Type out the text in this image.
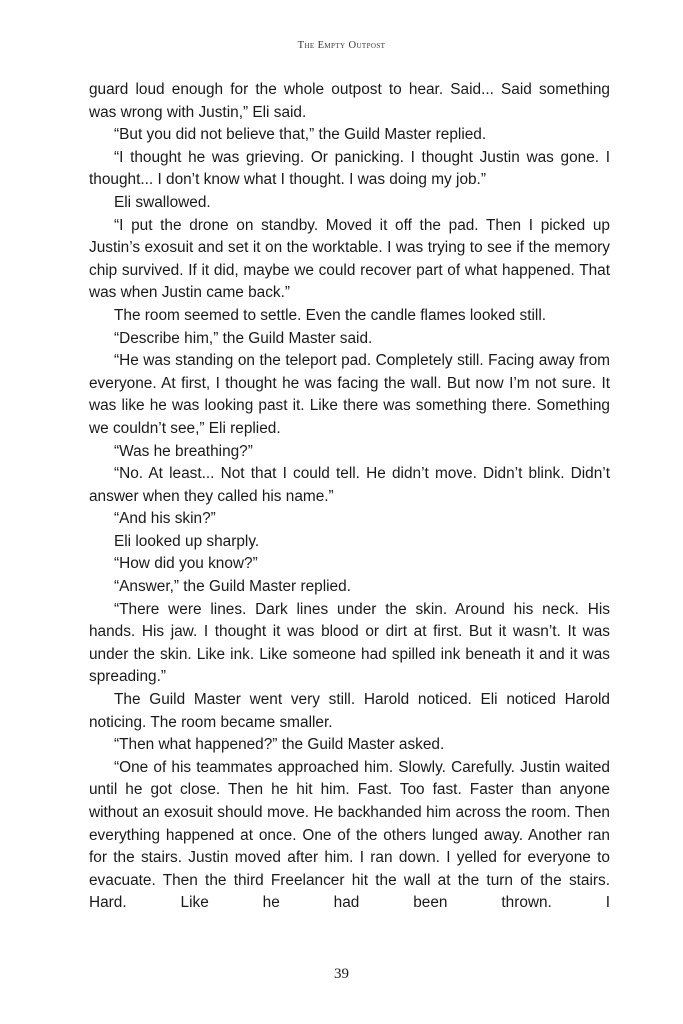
The Empty Outpost

guard loud enough for the whole outpost to hear. Said... Said something was wrong with Justin,” Eli said.

“But you did not believe that,” the Guild Master replied.

“I thought he was grieving. Or panicking. I thought Justin was gone. I thought... I don’t know what I thought. I was doing my job.”

Eli swallowed.

“I put the drone on standby. Moved it off the pad. Then I picked up Justin’s exosuit and set it on the worktable. I was trying to see if the memory chip survived. If it did, maybe we could recover part of what happened. That was when Justin came back.”

The room seemed to settle. Even the candle flames looked still.

“Describe him,” the Guild Master said.

“He was standing on the teleport pad. Completely still. Facing away from everyone. At first, I thought he was facing the wall. But now I’m not sure. It was like he was looking past it. Like there was something there. Something we couldn’t see,” Eli replied.

“Was he breathing?”

“No. At least... Not that I could tell. He didn’t move. Didn’t blink. Didn’t answer when they called his name.”

“And his skin?”

Eli looked up sharply.

“How did you know?”

“Answer,” the Guild Master replied.

“There were lines. Dark lines under the skin. Around his neck. His hands. His jaw. I thought it was blood or dirt at first. But it wasn’t. It was under the skin. Like ink. Like someone had spilled ink beneath it and it was spreading.”

The Guild Master went very still. Harold noticed. Eli noticed Harold noticing. The room became smaller.

“Then what happened?” the Guild Master asked.

“One of his teammates approached him. Slowly. Carefully. Justin waited until he got close. Then he hit him. Fast. Too fast. Faster than anyone without an exosuit should move. He backhanded him across the room. Then everything happened at once. One of the others lunged away. Another ran for the stairs. Justin moved after him. I ran down. I yelled for everyone to evacuate. Then the third Freelancer hit the wall at the turn of the stairs. Hard. Like he had been thrown. I

39
